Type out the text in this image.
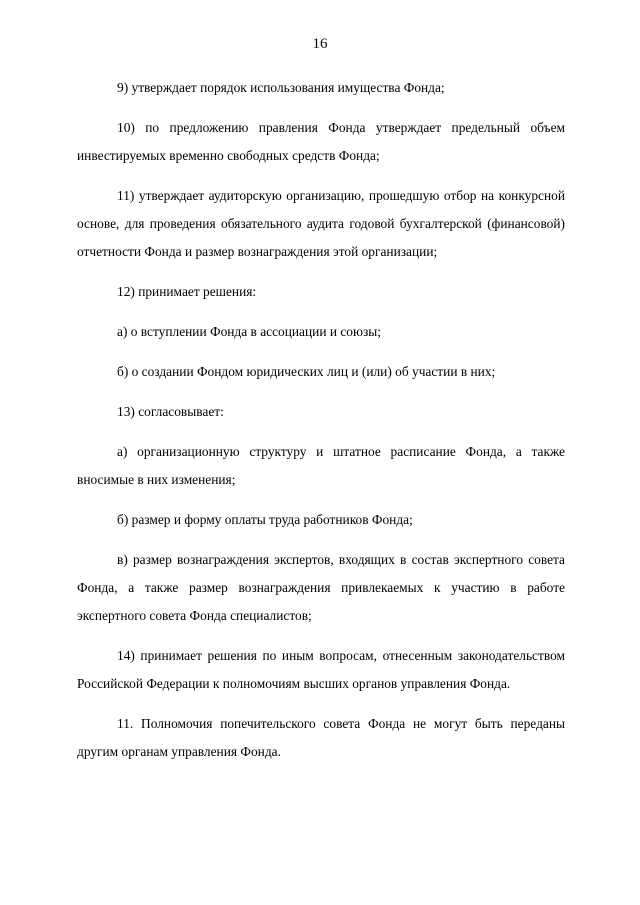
16

9) утверждает порядок использования имущества Фонда;

10) по предложению правления Фонда утверждает предельный объем инвестируемых временно свободных средств Фонда;

11) утверждает аудиторскую организацию, прошедшую отбор на конкурсной основе, для проведения обязательного аудита годовой бухгалтерской (финансовой) отчетности Фонда и размер вознаграждения этой организации;

12) принимает решения:

а) о вступлении Фонда в ассоциации и союзы;

б) о создании Фондом юридических лиц и (или) об участии в них;

13) согласовывает:

а) организационную структуру и штатное расписание Фонда, а также вносимые в них изменения;

б) размер и форму оплаты труда работников Фонда;

в) размер вознаграждения экспертов, входящих в состав экспертного совета Фонда, а также размер вознаграждения привлекаемых к участию в работе экспертного совета Фонда специалистов;

14) принимает решения по иным вопросам, отнесенным законодательством Российской Федерации к полномочиям высших органов управления Фонда.

11. Полномочия попечительского совета Фонда не могут быть переданы другим органам управления Фонда.
